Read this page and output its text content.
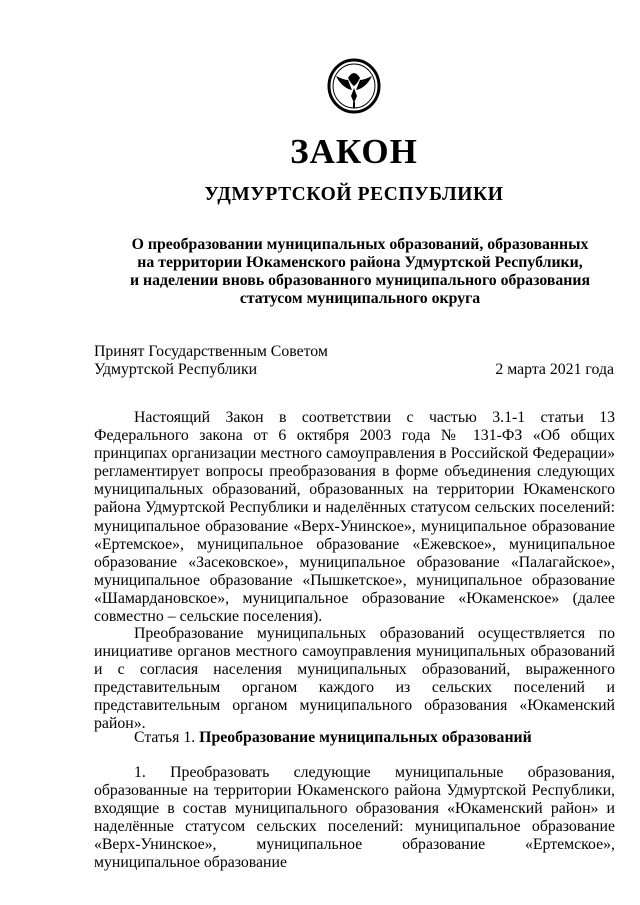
ЗАКОН
УДМУРТСКОЙ РЕСПУБЛИКИ
О преобразовании муниципальных образований, образованных
на территории Юкаменского района Удмуртской Республики,
и наделении вновь образованного муниципального образования
статусом муниципального округа
Принят Государственным Советом
Удмуртской Республики	2 марта 2021 года

Настоящий Закон в соответствии с частью 3.1-1 статьи 13 Федерального закона от 6 октября 2003 года № 131-ФЗ «Об общих принципах организации местного самоуправления в Российской Федерации» регламентирует вопросы преобразования в форме объединения следующих муниципальных образований, образованных на территории Юкаменского района Удмуртской Республики и наделённых статусом сельских поселений: муниципальное образование «Верх-Унинское», муниципальное образование «Ертемское», муниципальное образование «Ежевское», муниципальное образование «Засековское», муниципальное образование «Палагайское», муниципальное образование «Пышкетское», муниципальное образование «Шамардановское», муниципальное образование «Юкаменское» (далее совместно – сельские поселения).

Преобразование муниципальных образований осуществляется по инициативе органов местного самоуправления муниципальных образований и с согласия населения муниципальных образований, выраженного представительным органом каждого из сельских поселений и представительным органом муниципального образования «Юкаменский район».

Статья 1. Преобразование муниципальных образований

1. Преобразовать следующие муниципальные образования, образованные на территории Юкаменского района Удмуртской Республики, входящие в состав муниципального образования «Юкаменский район» и наделённые статусом сельских поселений: муниципальное образование «Верх-Унинское», муниципальное образование «Ертемское», муниципальное образование
